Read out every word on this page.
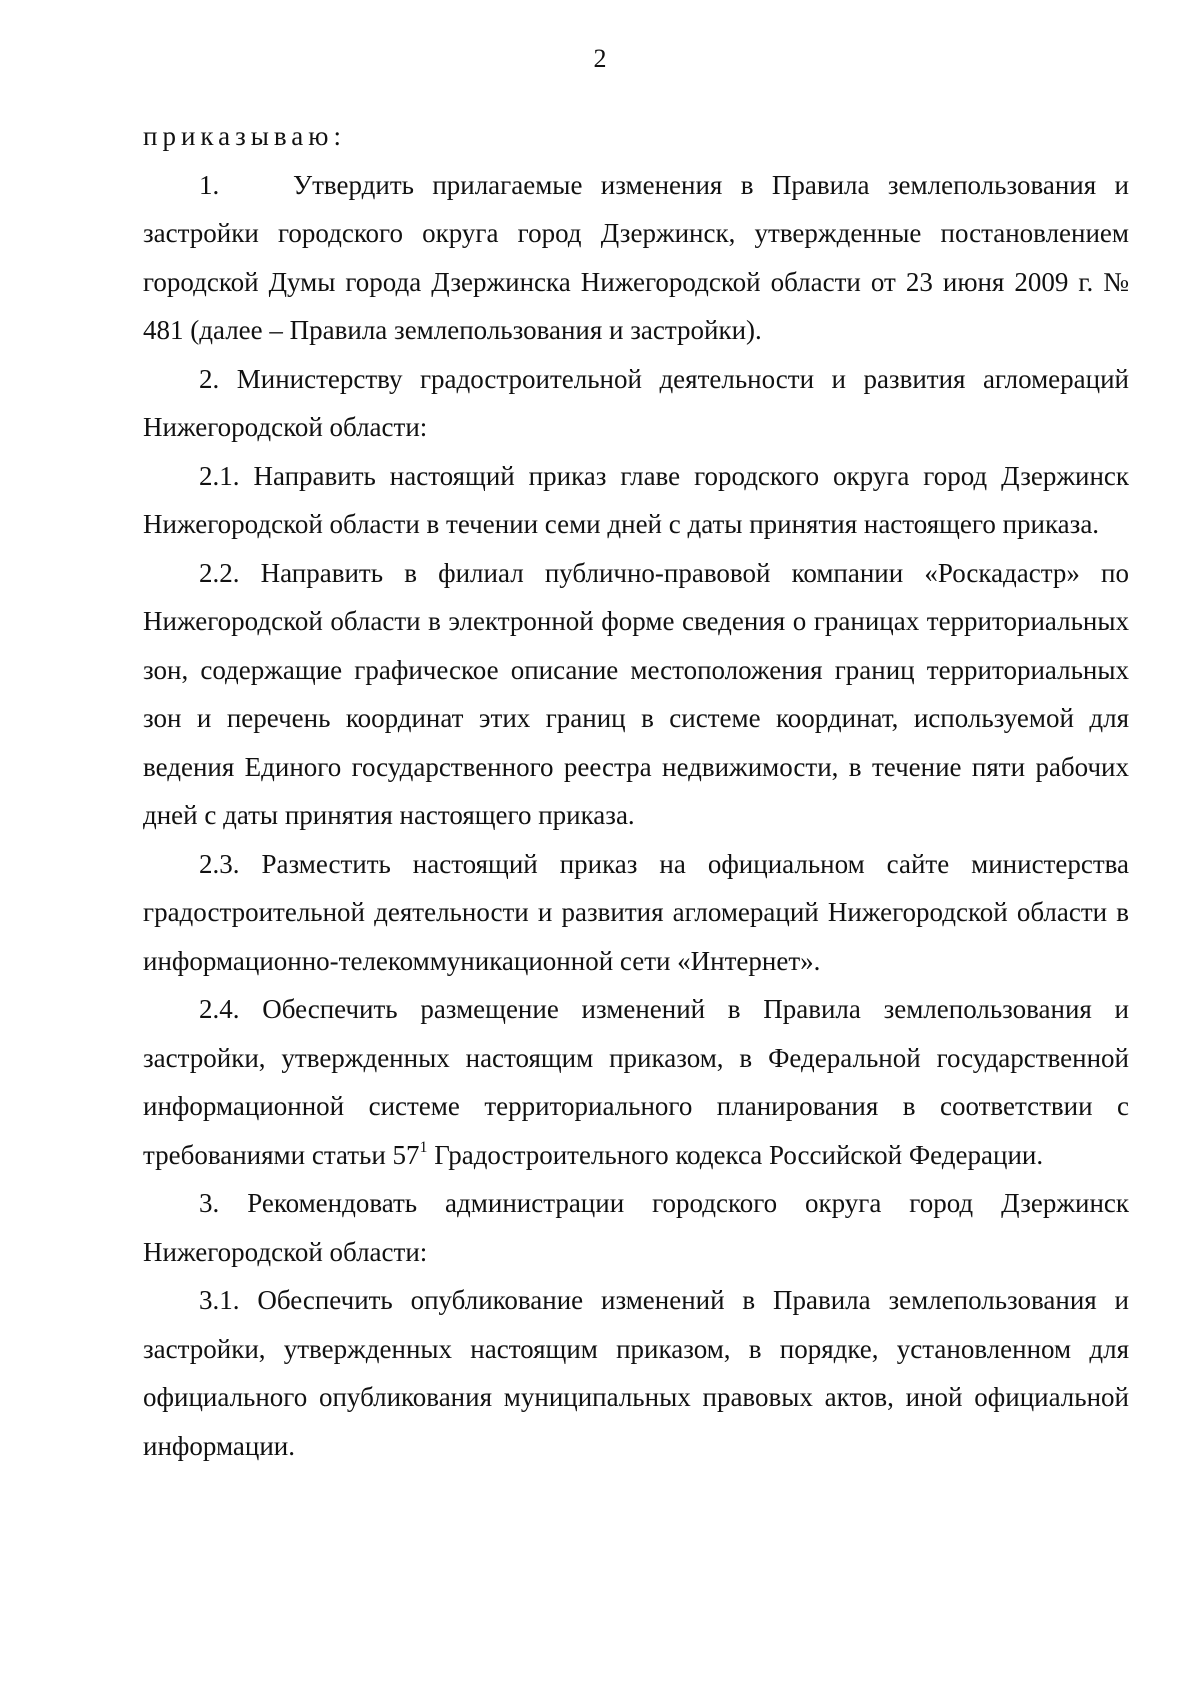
2

приказываю:

1.	Утвердить прилагаемые изменения в Правила землепользования и застройки городского округа город Дзержинск, утвержденные постановлением городской Думы города Дзержинска Нижегородской области от 23 июня 2009 г. № 481 (далее – Правила землепользования и застройки).

2. Министерству градостроительной деятельности и развития агломераций Нижегородской области:

2.1. Направить настоящий приказ главе городского округа город Дзержинск Нижегородской области в течении семи дней с даты принятия настоящего приказа.

2.2. Направить в филиал публично-правовой компании «Роскадастр» по Нижегородской области в электронной форме сведения о границах территориальных зон, содержащие графическое описание местоположения границ территориальных зон и перечень координат этих границ в системе координат, используемой для ведения Единого государственного реестра недвижимости, в течение пяти рабочих дней с даты принятия настоящего приказа.

2.3. Разместить настоящий приказ на официальном сайте министерства градостроительной деятельности и развития агломераций Нижегородской области в информационно-телекоммуникационной сети «Интернет».

2.4. Обеспечить размещение изменений в Правила землепользования и застройки, утвержденных настоящим приказом, в Федеральной государственной информационной системе территориального планирования в соответствии с требованиями статьи $57^1$ Градостроительного кодекса Российской Федерации.

3. Рекомендовать администрации городского округа город Дзержинск Нижегородской области:

3.1. Обеспечить опубликование изменений в Правила землепользования и застройки, утвержденных настоящим приказом, в порядке, установленном для официального опубликования муниципальных правовых актов, иной официальной информации.
